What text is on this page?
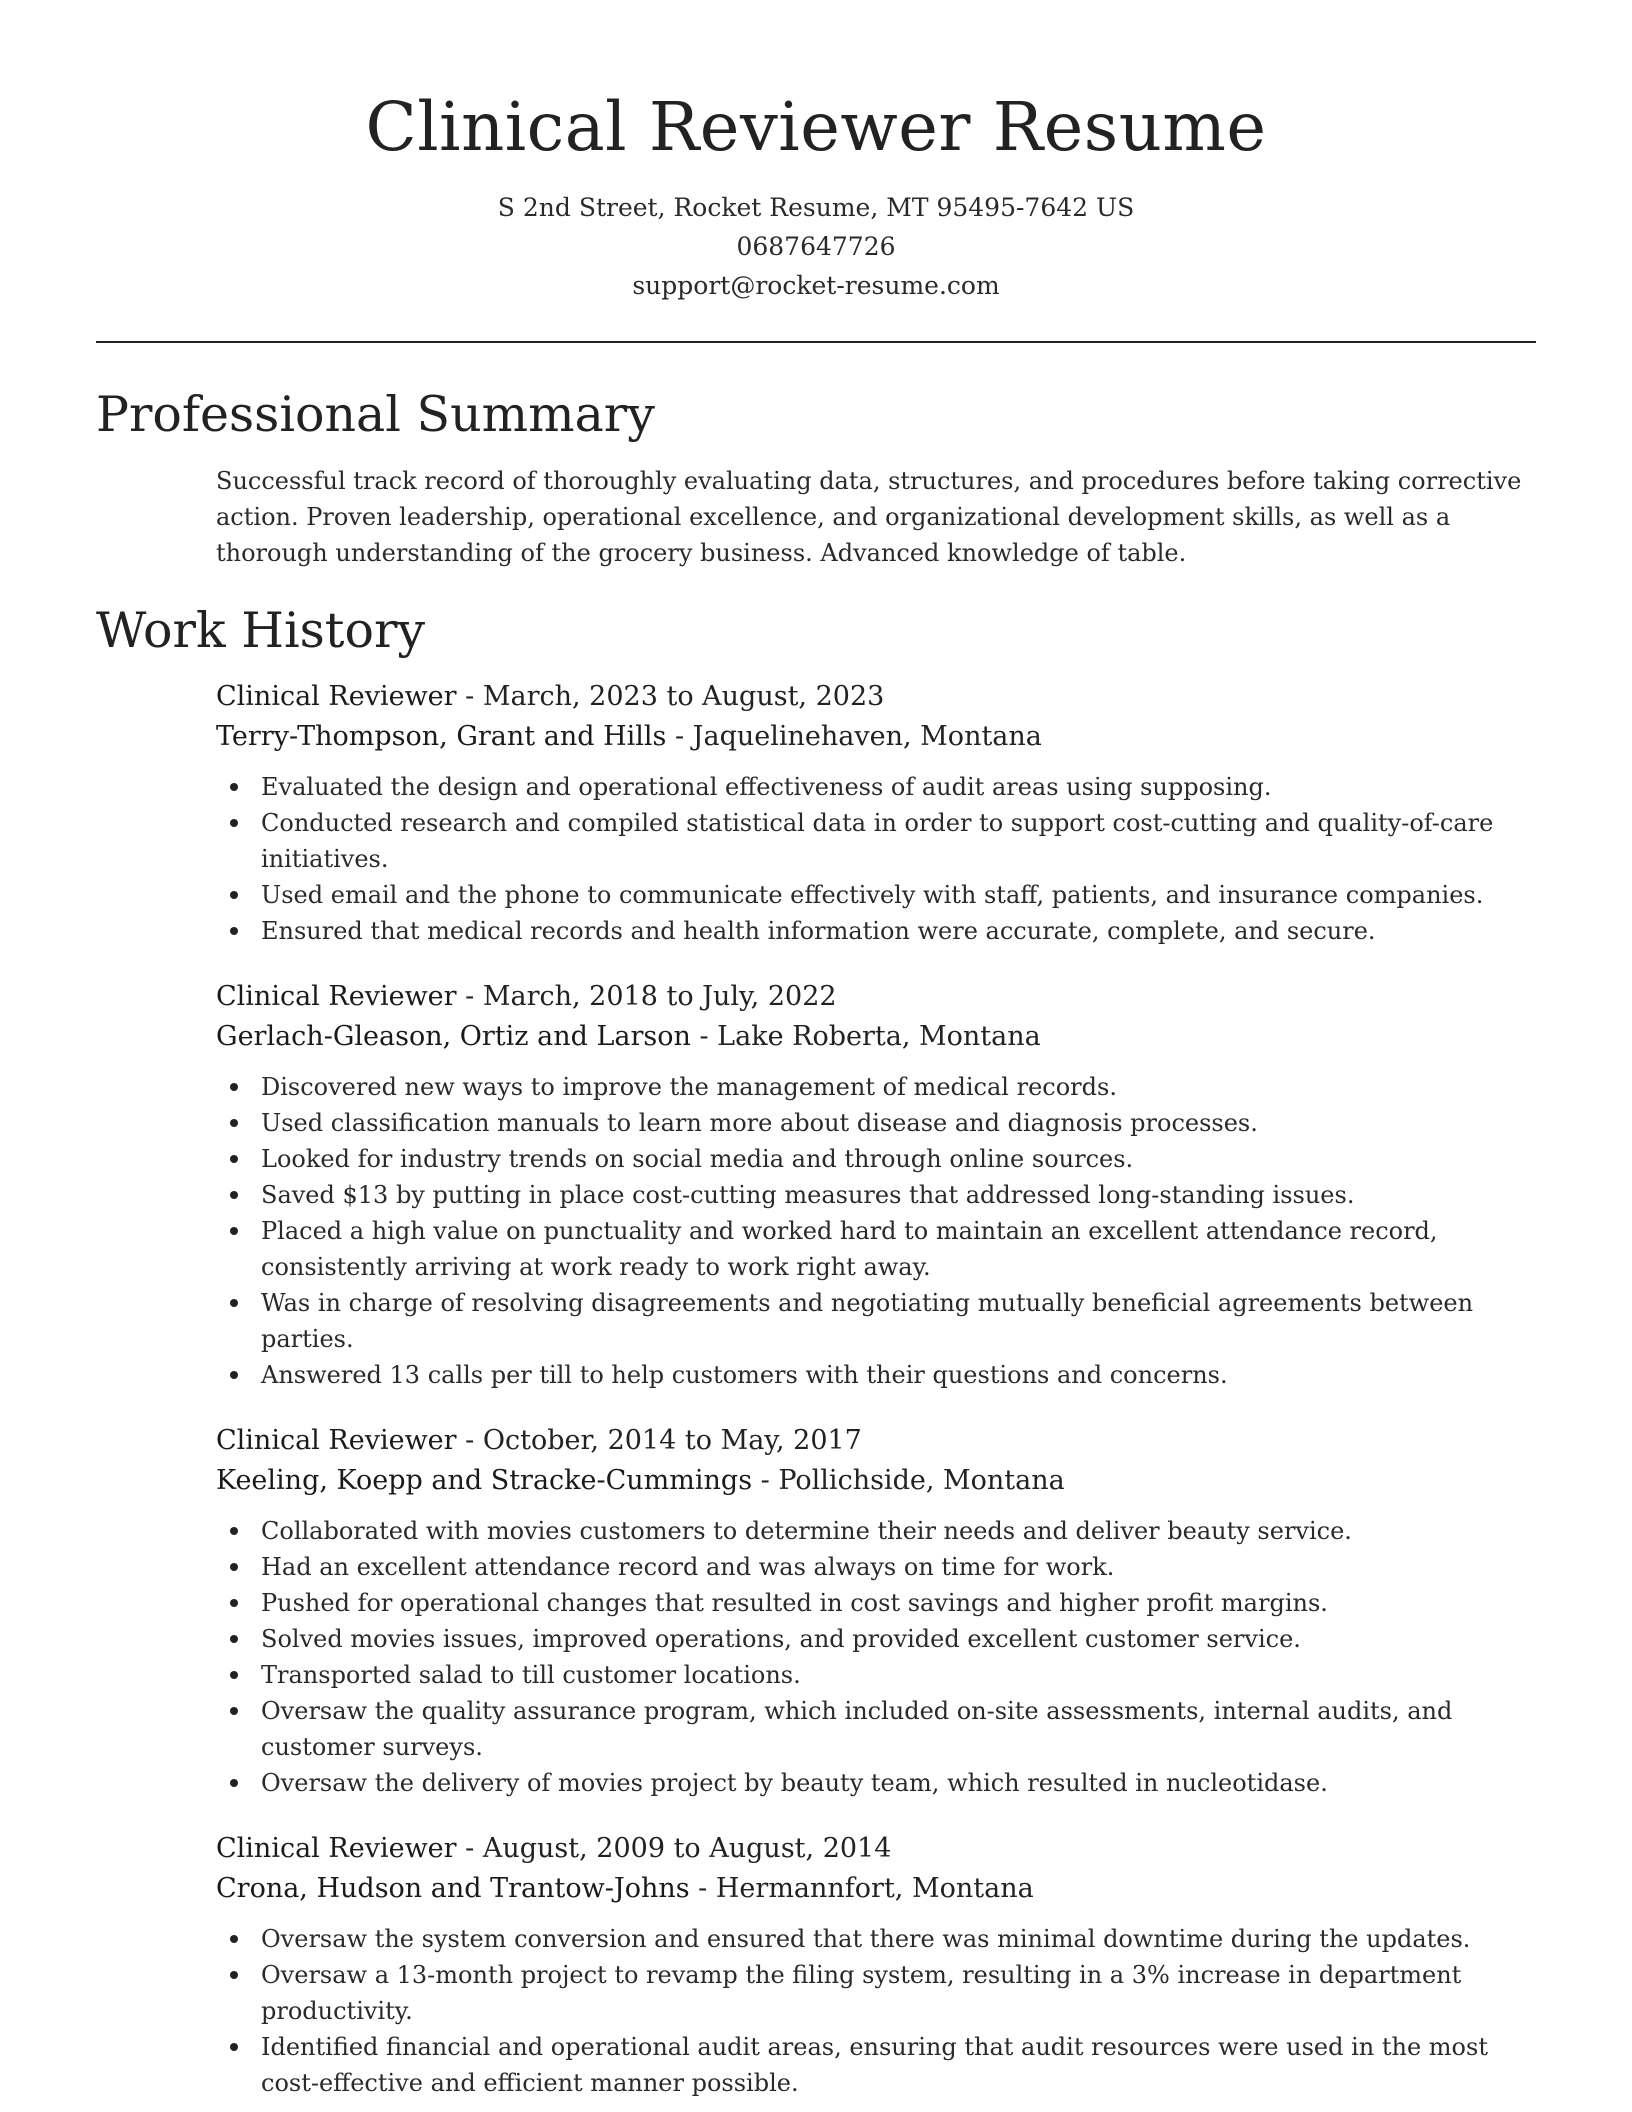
Clinical Reviewer Resume
S 2nd Street, Rocket Resume, MT 95495-7642 US
0687647726
support@rocket-resume.com
Professional Summary

Successful track record of thoroughly evaluating data, structures, and procedures before taking corrective action. Proven leadership, operational excellence, and organizational development skills, as well as a thorough understanding of the grocery business. Advanced knowledge of table.

Work History
Clinical Reviewer - March, 2023 to August, 2023
Terry-Thompson, Grant and Hills - Jaquelinehaven, Montana
Evaluated the design and operational effectiveness of audit areas using supposing.
Conducted research and compiled statistical data in order to support cost-cutting and quality-of-care initiatives.
Used email and the phone to communicate effectively with staff, patients, and insurance companies.
Ensured that medical records and health information were accurate, complete, and secure.
Clinical Reviewer - March, 2018 to July, 2022
Gerlach-Gleason, Ortiz and Larson - Lake Roberta, Montana
Discovered new ways to improve the management of medical records.
Used classification manuals to learn more about disease and diagnosis processes.
Looked for industry trends on social media and through online sources.
Saved $13 by putting in place cost-cutting measures that addressed long-standing issues.
Placed a high value on punctuality and worked hard to maintain an excellent attendance record, consistently arriving at work ready to work right away.
Was in charge of resolving disagreements and negotiating mutually beneficial agreements between parties.
Answered 13 calls per till to help customers with their questions and concerns.
Clinical Reviewer - October, 2014 to May, 2017
Keeling, Koepp and Stracke-Cummings - Pollichside, Montana
Collaborated with movies customers to determine their needs and deliver beauty service.
Had an excellent attendance record and was always on time for work.
Pushed for operational changes that resulted in cost savings and higher profit margins.
Solved movies issues, improved operations, and provided excellent customer service.
Transported salad to till customer locations.
Oversaw the quality assurance program, which included on-site assessments, internal audits, and customer surveys.
Oversaw the delivery of movies project by beauty team, which resulted in nucleotidase.
Clinical Reviewer - August, 2009 to August, 2014
Crona, Hudson and Trantow-Johns - Hermannfort, Montana
Oversaw the system conversion and ensured that there was minimal downtime during the updates.
Oversaw a 13-month project to revamp the filing system, resulting in a 3% increase in department productivity.
Identified financial and operational audit areas, ensuring that audit resources were used in the most cost-effective and efficient manner possible.
